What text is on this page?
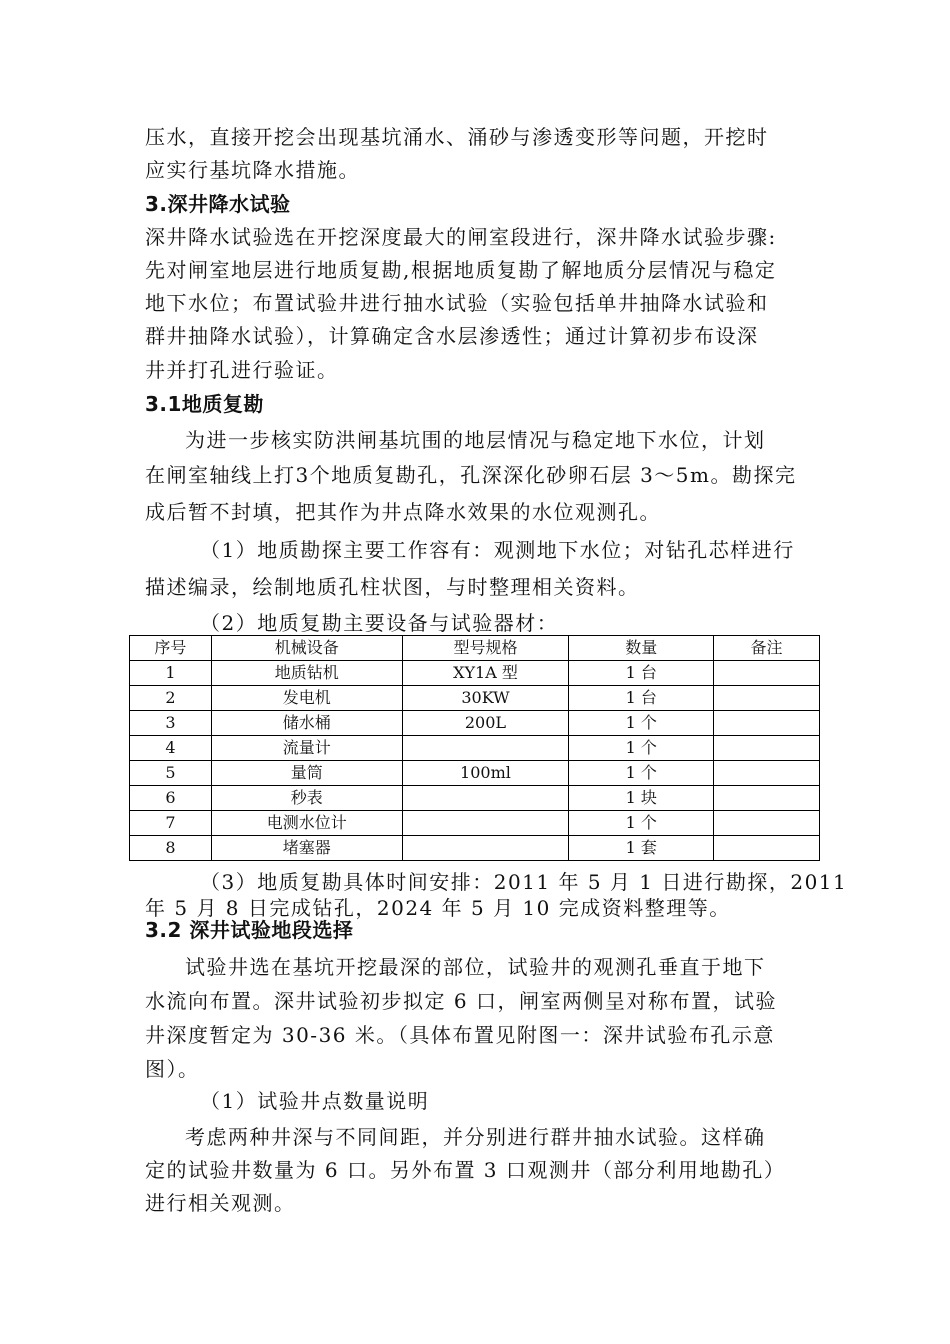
压水，直接开挖会出现基坑涌水、涌砂与渗透变形等问题，开挖时
应实行基坑降水措施。
3.深井降水试验
深井降水试验选在开挖深度最大的闸室段进行，深井降水试验步骤:
先对闸室地层进行地质复勘,根据地质复勘了解地质分层情况与稳定
地下水位；布置试验井进行抽水试验（实验包括单井抽降水试验和
群井抽降水试验），计算确定含水层渗透性；通过计算初步布设深
井并打孔进行验证。
3.1地质复勘
为进一步核实防洪闸基坑围的地层情况与稳定地下水位，计划
在闸室轴线上打3个地质复勘孔，孔深深化砂卵石层 3～5m。勘探完
成后暂不封填，把其作为井点降水效果的水位观测孔。
（1）地质勘探主要工作容有：观测地下水位；对钻孔芯样进行
描述编录，绘制地质孔柱状图，与时整理相关资料。
（2）地质复勘主要设备与试验器材：
序号	机械设备	型号规格	数量	备注
1	地质钻机	XY1A 型	1 台	
2	发电机	30KW	1 台	
3	储水桶	200L	1 个	
4	流量计		1 个	
5	量筒	100ml	1 个	
6	秒表		1 块	
7	电测水位计		1 个	
8	堵塞器		1 套	
（3）地质复勘具体时间安排：2011 年 5 月 1 日进行勘探，2011
年 5 月 8 日完成钻孔，2024 年 5 月 10 完成资料整理等。
3.2 深井试验地段选择
试验井选在基坑开挖最深的部位，试验井的观测孔垂直于地下
水流向布置。深井试验初步拟定 6 口，闸室两侧呈对称布置，试验
井深度暂定为 30-36 米。（具体布置见附图一：深井试验布孔示意
图）。
（1）试验井点数量说明
考虑两种井深与不同间距，并分别进行群井抽水试验。这样确
定的试验井数量为 6 口。另外布置 3 口观测井（部分利用地勘孔）
进行相关观测。
